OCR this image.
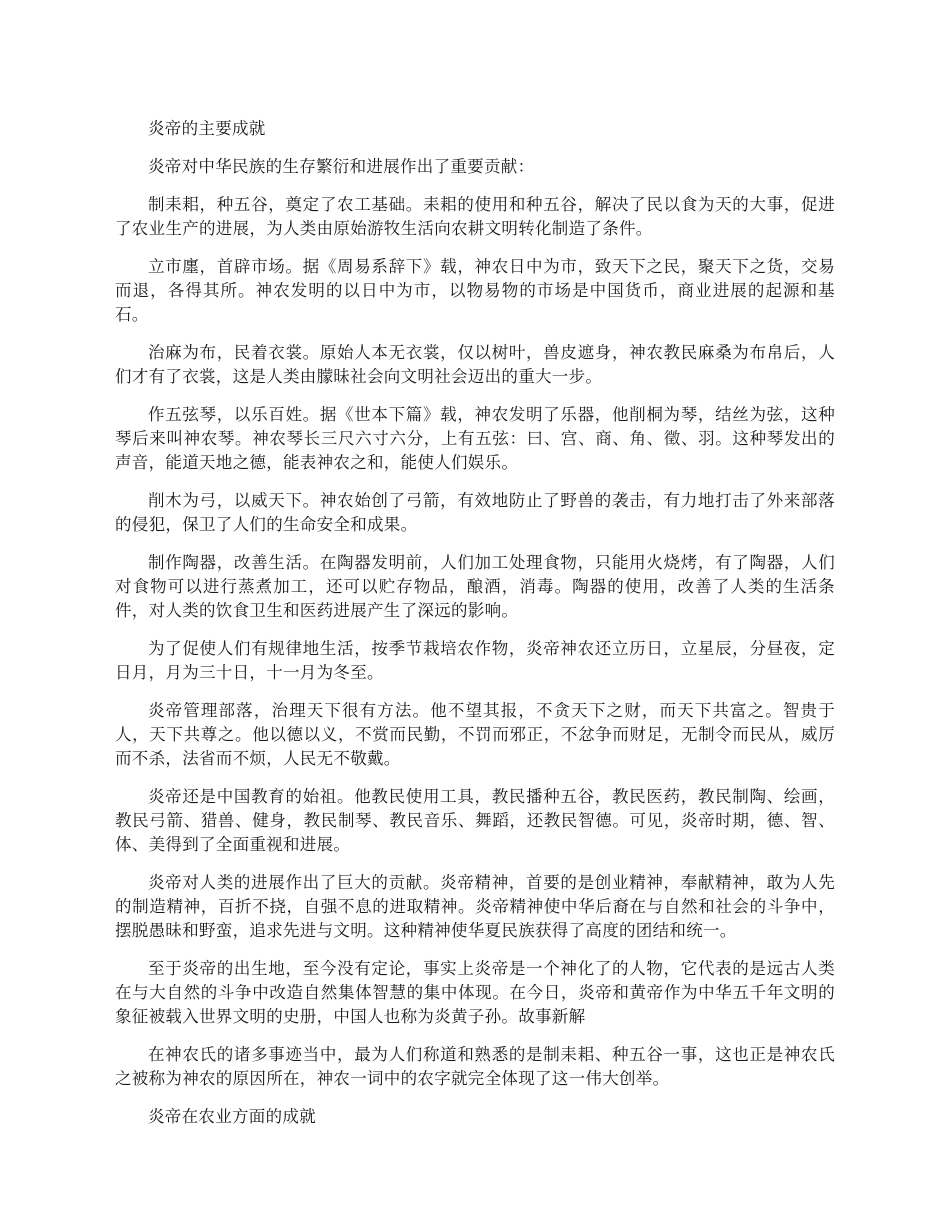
炎帝的主要成就

炎帝对中华民族的生存繁衍和进展作出了重要贡献：

制耒耜，种五谷，奠定了农工基础。耒耜的使用和种五谷，解决了民以食为天的大事，促进了农业生产的进展，为人类由原始游牧生活向农耕文明转化制造了条件。

立市廛，首辟市场。据《周易系辞下》载，神农日中为市，致天下之民，聚天下之货，交易而退，各得其所。神农发明的以日中为市，以物易物的市场是中国货币，商业进展的起源和基石。

治麻为布，民着衣裳。原始人本无衣裳，仅以树叶，兽皮遮身，神农教民麻桑为布帛后，人们才有了衣裳，这是人类由朦昧社会向文明社会迈出的重大一步。

作五弦琴，以乐百姓。据《世本下篇》载，神农发明了乐器，他削桐为琴，结丝为弦，这种琴后来叫神农琴。神农琴长三尺六寸六分，上有五弦：曰、宫、商、角、徵、羽。这种琴发出的声音，能道天地之德，能表神农之和，能使人们娱乐。

削木为弓，以威天下。神农始创了弓箭，有效地防止了野兽的袭击，有力地打击了外来部落的侵犯，保卫了人们的生命安全和成果。

制作陶器，改善生活。在陶器发明前，人们加工处理食物，只能用火烧烤，有了陶器，人们对食物可以进行蒸煮加工，还可以贮存物品，酿酒，消毒。陶器的使用，改善了人类的生活条件，对人类的饮食卫生和医药进展产生了深远的影响。

为了促使人们有规律地生活，按季节栽培农作物，炎帝神农还立历日，立星辰，分昼夜，定日月，月为三十日，十一月为冬至。

炎帝管理部落，治理天下很有方法。他不望其报，不贪天下之财，而天下共富之。智贵于人，天下共尊之。他以德以义，不赏而民勤，不罚而邪正，不忿争而财足，无制令而民从，威厉而不杀，法省而不烦，人民无不敬戴。

炎帝还是中国教育的始祖。他教民使用工具，教民播种五谷，教民医药，教民制陶、绘画，教民弓箭、猎兽、健身，教民制琴、教民音乐、舞蹈，还教民智德。可见，炎帝时期，德、智、体、美得到了全面重视和进展。

炎帝对人类的进展作出了巨大的贡献。炎帝精神，首要的是创业精神，奉献精神，敢为人先的制造精神，百折不挠，自强不息的进取精神。炎帝精神使中华后裔在与自然和社会的斗争中，摆脱愚昧和野蛮，追求先进与文明。这种精神使华夏民族获得了高度的团结和统一。

至于炎帝的出生地，至今没有定论，事实上炎帝是一个神化了的人物，它代表的是远古人类在与大自然的斗争中改造自然集体智慧的集中体现。在今日，炎帝和黄帝作为中华五千年文明的象征被载入世界文明的史册，中国人也称为炎黄子孙。故事新解

在神农氏的诸多事迹当中，最为人们称道和熟悉的是制耒耜、种五谷一事，这也正是神农氏之被称为神农的原因所在，神农一词中的农字就完全体现了这一伟大创举。

炎帝在农业方面的成就
